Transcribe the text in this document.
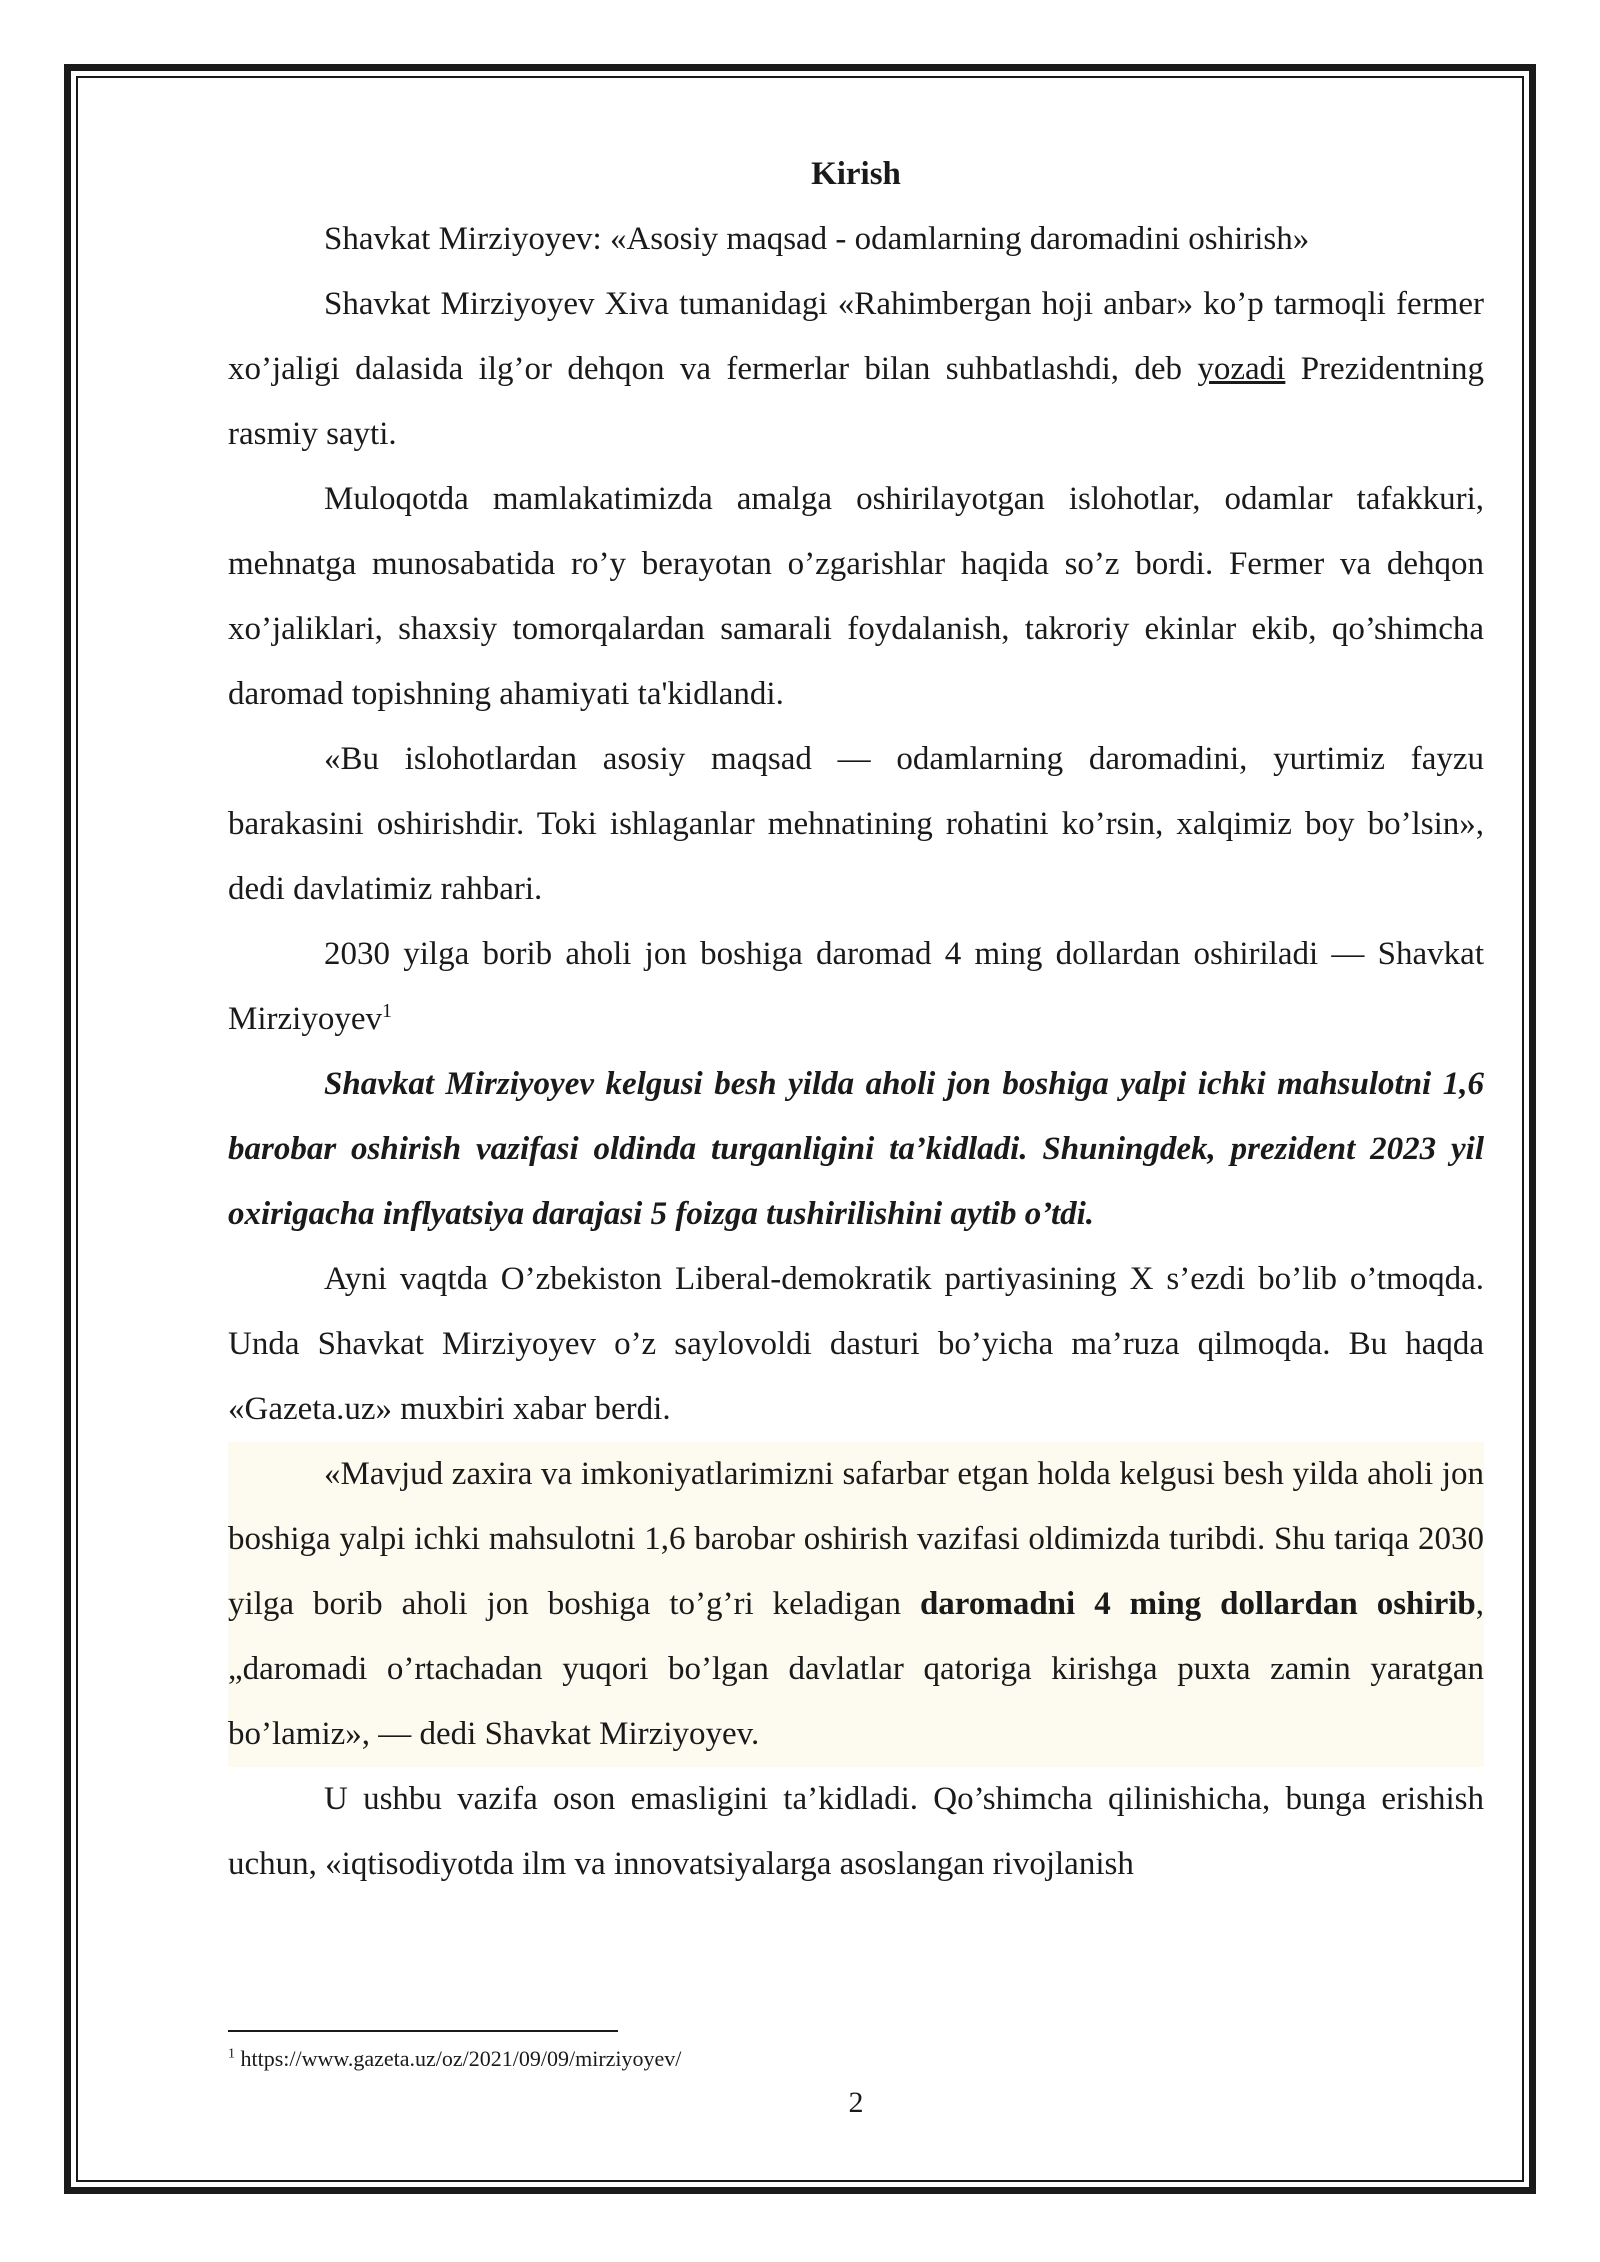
Kirish

Shavkat Mirziyoyev: «Asosiy maqsad - odamlarning daromadini oshirish»

Shavkat Mirziyoyev Xiva tumanidagi «Rahimbergan hoji anbar» ko’p tarmoqli fermer xo’jaligi dalasida ilg’or dehqon va fermerlar bilan suhbatlashdi, deb yozadi Prezidentning rasmiy sayti.

Muloqotda mamlakatimizda amalga oshirilayotgan islohotlar, odamlar tafakkuri, mehnatga munosabatida ro’y berayotan o’zgarishlar haqida so’z bordi. Fermer va dehqon xo’jaliklari, shaxsiy tomorqalardan samarali foydalanish, takroriy ekinlar ekib, qo’shimcha daromad topishning ahamiyati ta'kidlandi.

«Bu islohotlardan asosiy maqsad — odamlarning daromadini, yurtimiz fayzu barakasini oshirishdir. Toki ishlaganlar mehnatining rohatini ko’rsin, xalqimiz boy bo’lsin», dedi davlatimiz rahbari.

2030 yilga borib aholi jon boshiga daromad 4 ming dollardan oshiriladi — Shavkat Mirziyoyev$^1$

Shavkat Mirziyoyev kelgusi besh yilda aholi jon boshiga yalpi ichki mahsulotni 1,6 barobar oshirish vazifasi oldinda turganligini ta’kidladi. Shuningdek, prezident 2023 yil oxirigacha inflyatsiya darajasi 5 foizga tushirilishini aytib o’tdi.

Ayni vaqtda O’zbekiston Liberal-demokratik partiyasining X s’ezdi bo’lib o’tmoqda. Unda Shavkat Mirziyoyev o’z saylovoldi dasturi bo’yicha ma’ruza qilmoqda. Bu haqda «Gazeta.uz» muxbiri xabar berdi.

«Mavjud zaxira va imkoniyatlarimizni safarbar etgan holda kelgusi besh yilda aholi jon boshiga yalpi ichki mahsulotni 1,6 barobar oshirish vazifasi oldimizda turibdi. Shu tariqa 2030 yilga borib aholi jon boshiga to’g’ri keladigan daromadni 4 ming dollardan oshirib, „daromadi o’rtachadan yuqori bo’lgan davlatlar qatoriga kirishga puxta zamin yaratgan bo’lamiz», — dedi Shavkat Mirziyoyev.

U ushbu vazifa oson emasligini ta’kidladi. Qo’shimcha qilinishicha, bunga erishish uchun, «iqtisodiyotda ilm va innovatsiyalarga asoslangan rivojlanish

$^1$ https://www.gazeta.uz/oz/2021/09/09/mirziyoyev/
2
